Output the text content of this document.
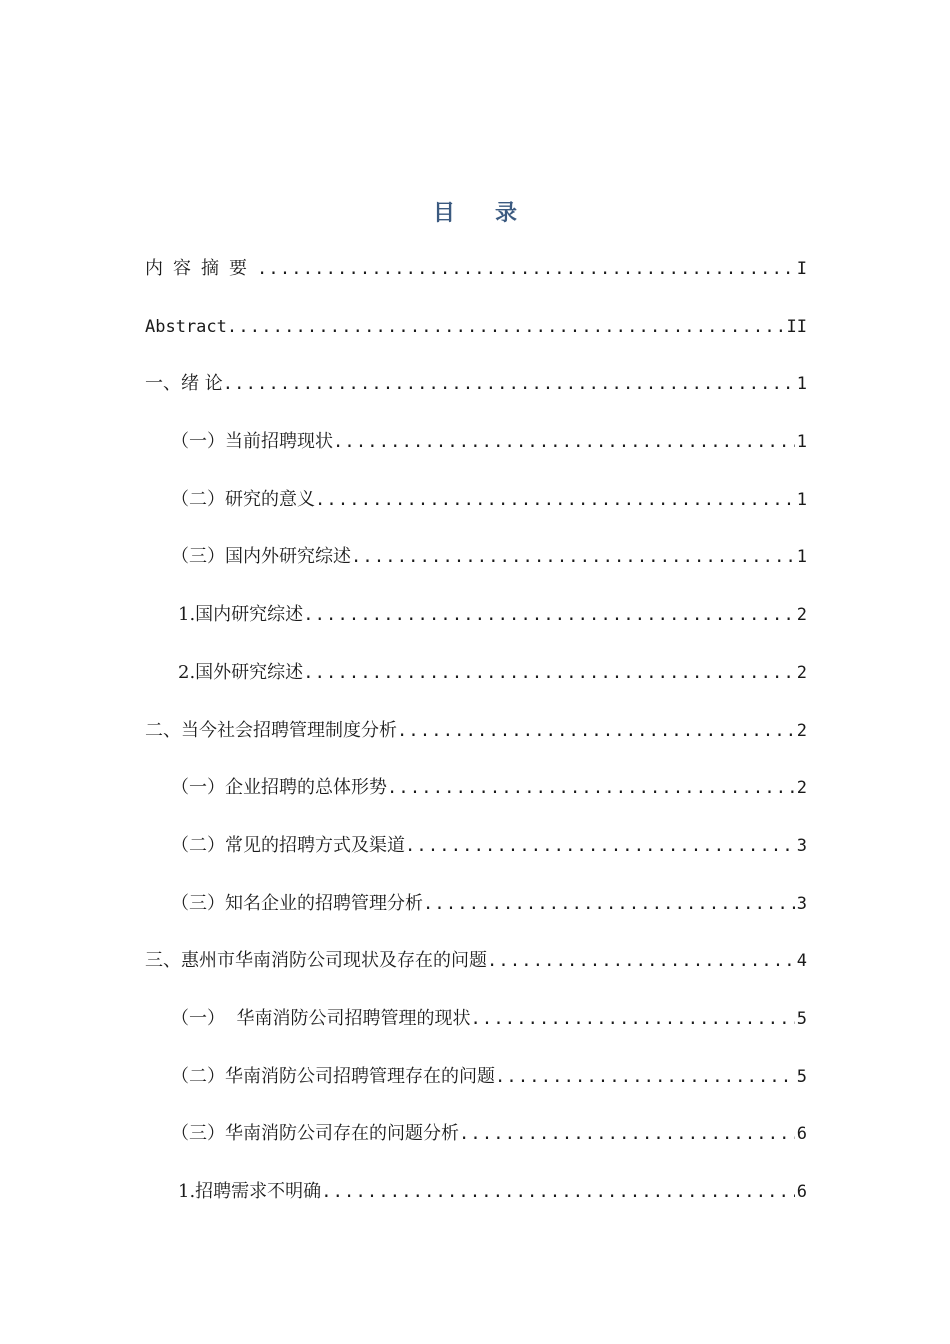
目录
内容摘要 .....	I
Abstract .....	II
一、绪 论 .....	1
（一）当前招聘现状 .....	1
（二）研究的意义 .....	1
（三）国内外研究综述 .....	1
1.国内研究综述 .....	2
2.国外研究综述 .....	2
二、当今社会招聘管理制度分析 .....	2
（一）企业招聘的总体形势 .....	2
（二）常见的招聘方式及渠道 .....	3
（三）知名企业的招聘管理分析 .....	3
三、惠州市华南消防公司现状及存在的问题 .....	4
（一）  华南消防公司招聘管理的现状 .....	5
（二）华南消防公司招聘管理存在的问题 .....	5
（三）华南消防公司存在的问题分析 .....	6
1.招聘需求不明确 .....	6
